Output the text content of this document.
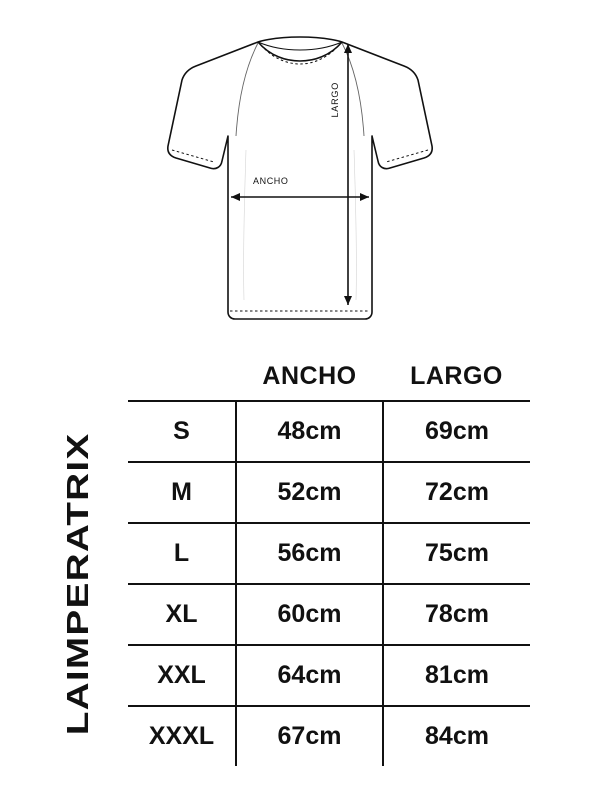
ANCHO
LARGO
LAIMPERATRIX
	ANCHO	LARGO
S	48cm	69cm
M	52cm	72cm
L	56cm	75cm
XL	60cm	78cm
XXL	64cm	81cm
XXXL	67cm	84cm
